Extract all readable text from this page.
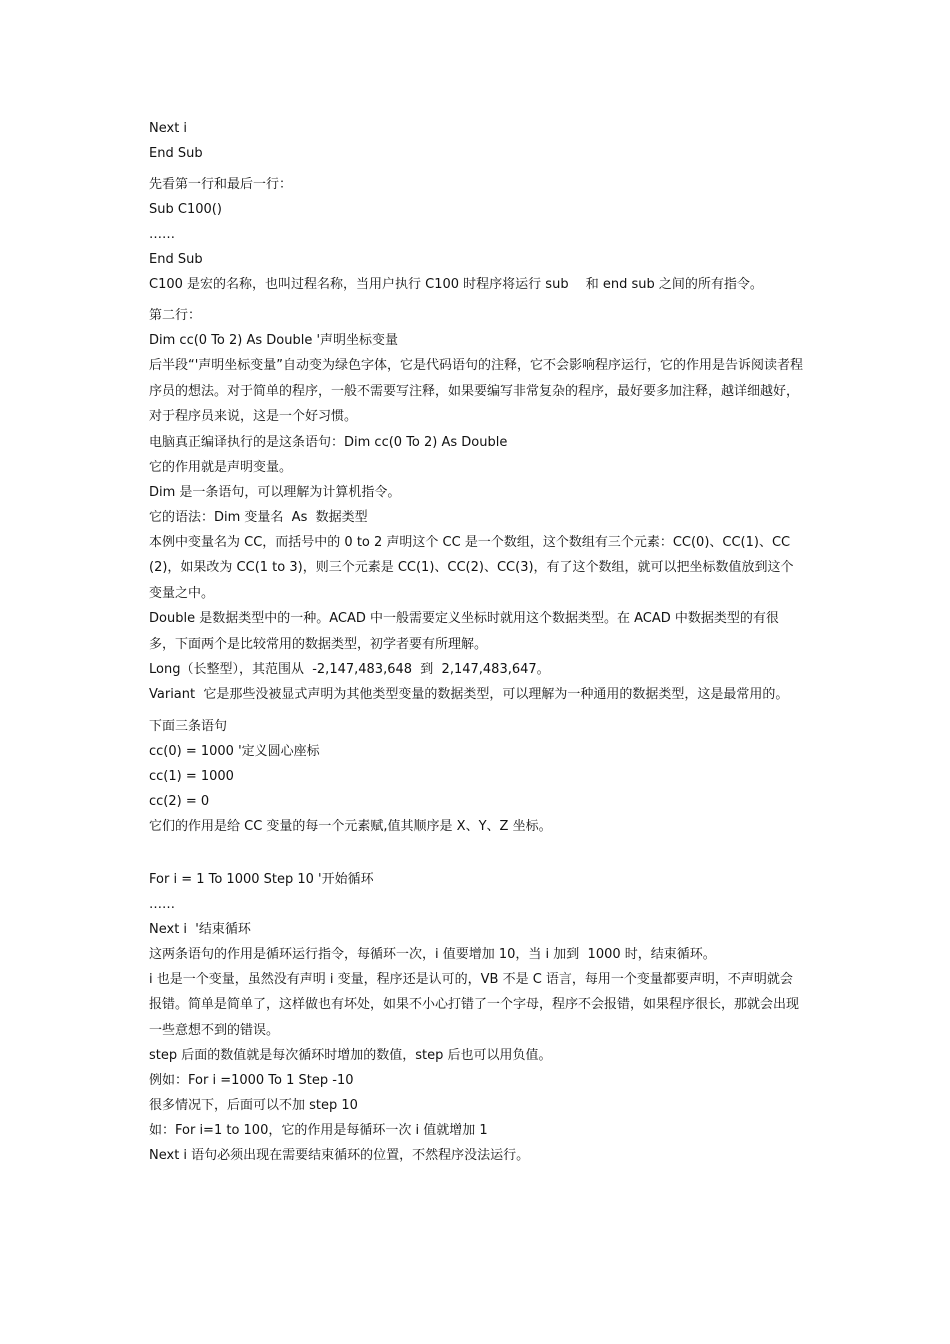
Next i
End Sub
先看第一行和最后一行：
Sub C100()
……
End Sub
C100 是宏的名称，也叫过程名称，当用户执行 C100 时程序将运行 sub 　和 end sub 之间的所有指令。
第二行：
Dim cc(0 To 2) As Double '声明坐标变量
后半段“'声明坐标变量”自动变为绿色字体，它是代码语句的注释，它不会影响程序运行，它的作用是告诉阅读者程序员的想法。对于简单的程序，一般不需要写注释，如果要编写非常复杂的程序，最好要多加注释，越详细越好，对于程序员来说，这是一个好习惯。
电脑真正编译执行的是这条语句：Dim cc(0 To 2) As Double
它的作用就是声明变量。
Dim 是一条语句，可以理解为计算机指令。
它的语法：Dim 变量名  As  数据类型
本例中变量名为 CC，而括号中的 0 to 2 声明这个 CC 是一个数组，这个数组有三个元素：CC(0)、CC(1)、CC(2)，如果改为 CC(1 to 3)，则三个元素是 CC(1)、CC(2)、CC(3)，有了这个数组，就可以把坐标数值放到这个变量之中。
Double 是数据类型中的一种。ACAD 中一般需要定义坐标时就用这个数据类型。在 ACAD 中数据类型的有很多，下面两个是比较常用的数据类型，初学者要有所理解。
Long（长整型），其范围从  -2,147,483,648  到  2,147,483,647。
Variant  它是那些没被显式声明为其他类型变量的数据类型，可以理解为一种通用的数据类型，这是最常用的。
下面三条语句
cc(0) = 1000 '定义圆心座标
cc(1) = 1000
cc(2) = 0
它们的作用是给 CC 变量的每一个元素赋,值其顺序是 X、Y、Z 坐标。
For i = 1 To 1000 Step 10 '开始循环
……
Next i  '结束循环
这两条语句的作用是循环运行指令，每循环一次，i 值要增加 10，当 i 加到  1000 时，结束循环。
i 也是一个变量，虽然没有声明 i 变量，程序还是认可的，VB 不是 C 语言，每用一个变量都要声明，不声明就会报错。简单是简单了，这样做也有坏处，如果不小心打错了一个字母，程序不会报错，如果程序很长，那就会出现一些意想不到的错误。
step 后面的数值就是每次循环时增加的数值，step 后也可以用负值。
例如：For i =1000 To 1 Step -10
很多情况下，后面可以不加 step 10
如：For i=1 to 100，它的作用是每循环一次 i 值就增加 1
Next i 语句必须出现在需要结束循环的位置，不然程序没法运行。
